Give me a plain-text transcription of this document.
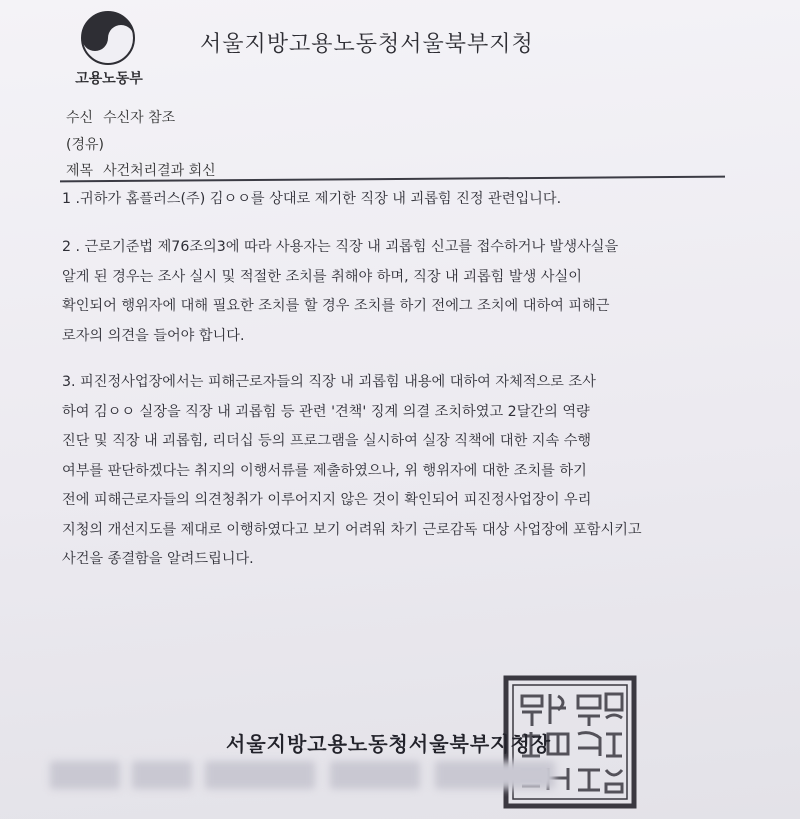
고용노동부
서울지방고용노동청서울북부지청
수신 수신자 참조
(경유)
제목 사건처리결과 회신
1 .귀하가 홈플러스(주) 김ㅇㅇ를 상대로 제기한 직장 내 괴롭힘 진정 관련입니다.
2 . 근로기준법 제76조의3에 따라 사용자는 직장 내 괴롭힘 신고를 접수하거나 발생사실을
알게 된 경우는 조사 실시 및 적절한 조치를 취해야 하며, 직장 내 괴롭힘 발생 사실이
확인되어 행위자에 대해 필요한 조치를 할 경우 조치를 하기 전에그 조치에 대하여 피해근
로자의 의견을 들어야 합니다.
3. 피진정사업장에서는 피해근로자들의 직장 내 괴롭힘 내용에 대하여 자체적으로 조사
하여 김ㅇㅇ 실장을 직장 내 괴롭힘 등 관련 '견책' 징계 의결 조치하였고 2달간의 역량
진단 및 직장 내 괴롭힘, 리더십 등의 프로그램을 실시하여 실장 직책에 대한 지속 수행
여부를 판단하겠다는 취지의 이행서류를 제출하였으나, 위 행위자에 대한 조치를 하기
전에 피해근로자들의 의견청취가 이루어지지 않은 것이 확인되어 피진정사업장이 우리
지청의 개선지도를 제대로 이행하였다고 보기 어려워 차기 근로감독 대상 사업장에 포함시키고
사건을 종결함을 알려드립니다.
서울지방고용노동청서울북부지청장
